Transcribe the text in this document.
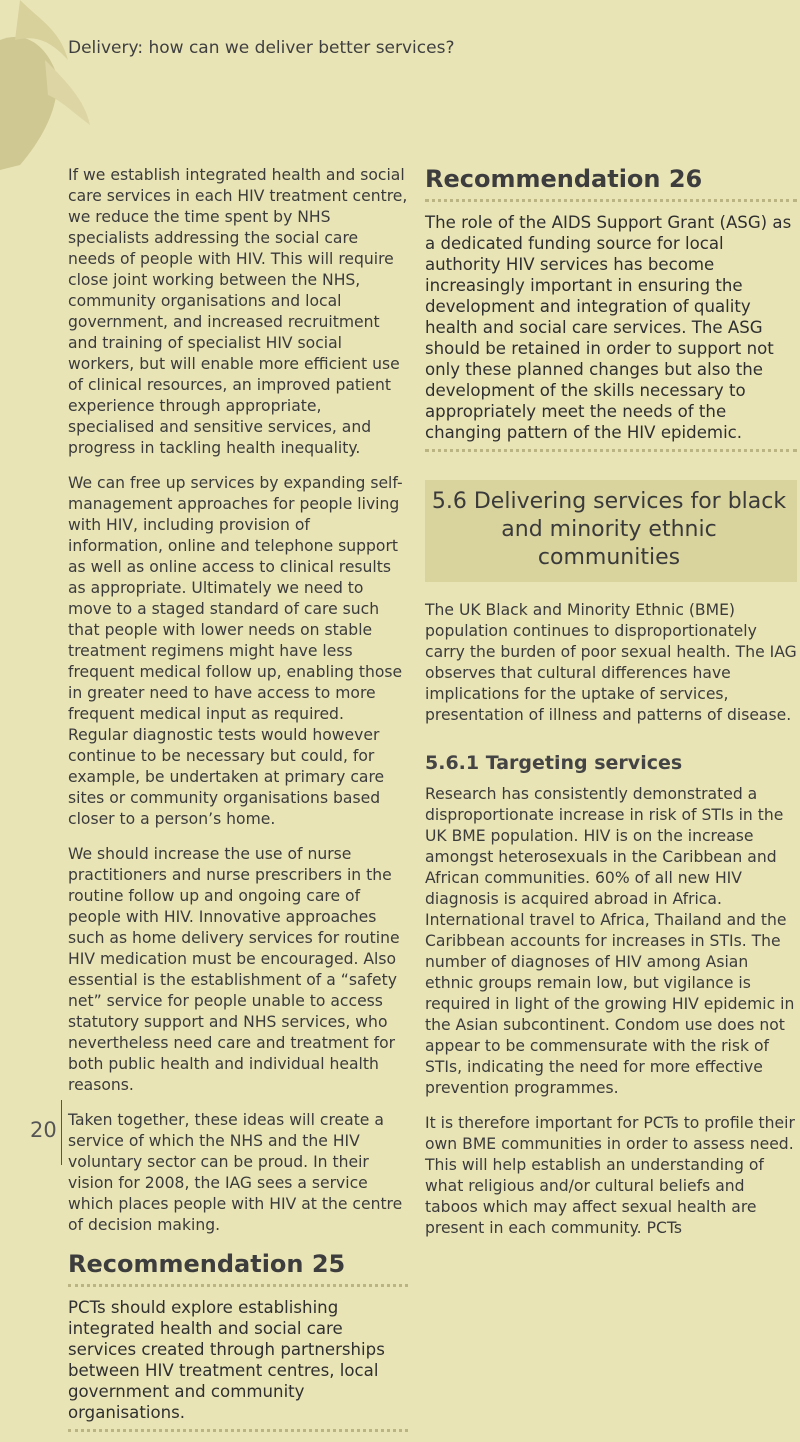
Delivery: how can we deliver better services?

If we establish integrated health and social care services in each HIV treatment centre, we reduce the time spent by NHS specialists addressing the social care needs of people with HIV. This will require close joint working between the NHS, community organisations and local government, and increased recruitment and training of specialist HIV social workers, but will enable more efficient use of clinical resources, an improved patient experience through appropriate, specialised and sensitive services, and progress in tackling health inequality.

We can free up services by expanding self-management approaches for people living with HIV, including provision of information, online and telephone support as well as online access to clinical results as appropriate. Ultimately we need to move to a staged standard of care such that people with lower needs on stable treatment regimens might have less frequent medical follow up, enabling those in greater need to have access to more frequent medical input as required. Regular diagnostic tests would however continue to be necessary but could, for example, be undertaken at primary care sites or community organisations based closer to a person’s home.

We should increase the use of nurse practitioners and nurse prescribers in the routine follow up and ongoing care of people with HIV. Innovative approaches such as home delivery services for routine HIV medication must be encouraged. Also essential is the establishment of a “safety net” service for people unable to access statutory support and NHS services, who nevertheless need care and treatment for both public health and individual health reasons.

Taken together, these ideas will create a service of which the NHS and the HIV voluntary sector can be proud. In their vision for 2008, the IAG sees a service which places people with HIV at the centre of decision making.

Recommendation 25

PCTs should explore establishing integrated health and social care services created through partnerships between HIV treatment centres, local government and community organisations.

Recommendation 26

The role of the AIDS Support Grant (ASG) as a dedicated funding source for local authority HIV services has become increasingly important in ensuring the development and integration of quality health and social care services. The ASG should be retained in order to support not only these planned changes but also the development of the skills necessary to appropriately meet the needs of the changing pattern of the HIV epidemic.

5.6 Delivering services for black and minority ethnic communities

The UK Black and Minority Ethnic (BME) population continues to disproportionately carry the burden of poor sexual health. The IAG observes that cultural differences have implications for the uptake of services, presentation of illness and patterns of disease.

5.6.1 Targeting services

Research has consistently demonstrated a disproportionate increase in risk of STIs in the UK BME population. HIV is on the increase amongst heterosexuals in the Caribbean and African communities. 60% of all new HIV diagnosis is acquired abroad in Africa. International travel to Africa, Thailand and the Caribbean accounts for increases in STIs. The number of diagnoses of HIV among Asian ethnic groups remain low, but vigilance is required in light of the growing HIV epidemic in the Asian subcontinent. Condom use does not appear to be commensurate with the risk of STIs, indicating the need for more effective prevention programmes.

It is therefore important for PCTs to profile their own BME communities in order to assess need. This will help establish an understanding of what religious and/or cultural beliefs and taboos which may affect sexual health are present in each community. PCTs

20
